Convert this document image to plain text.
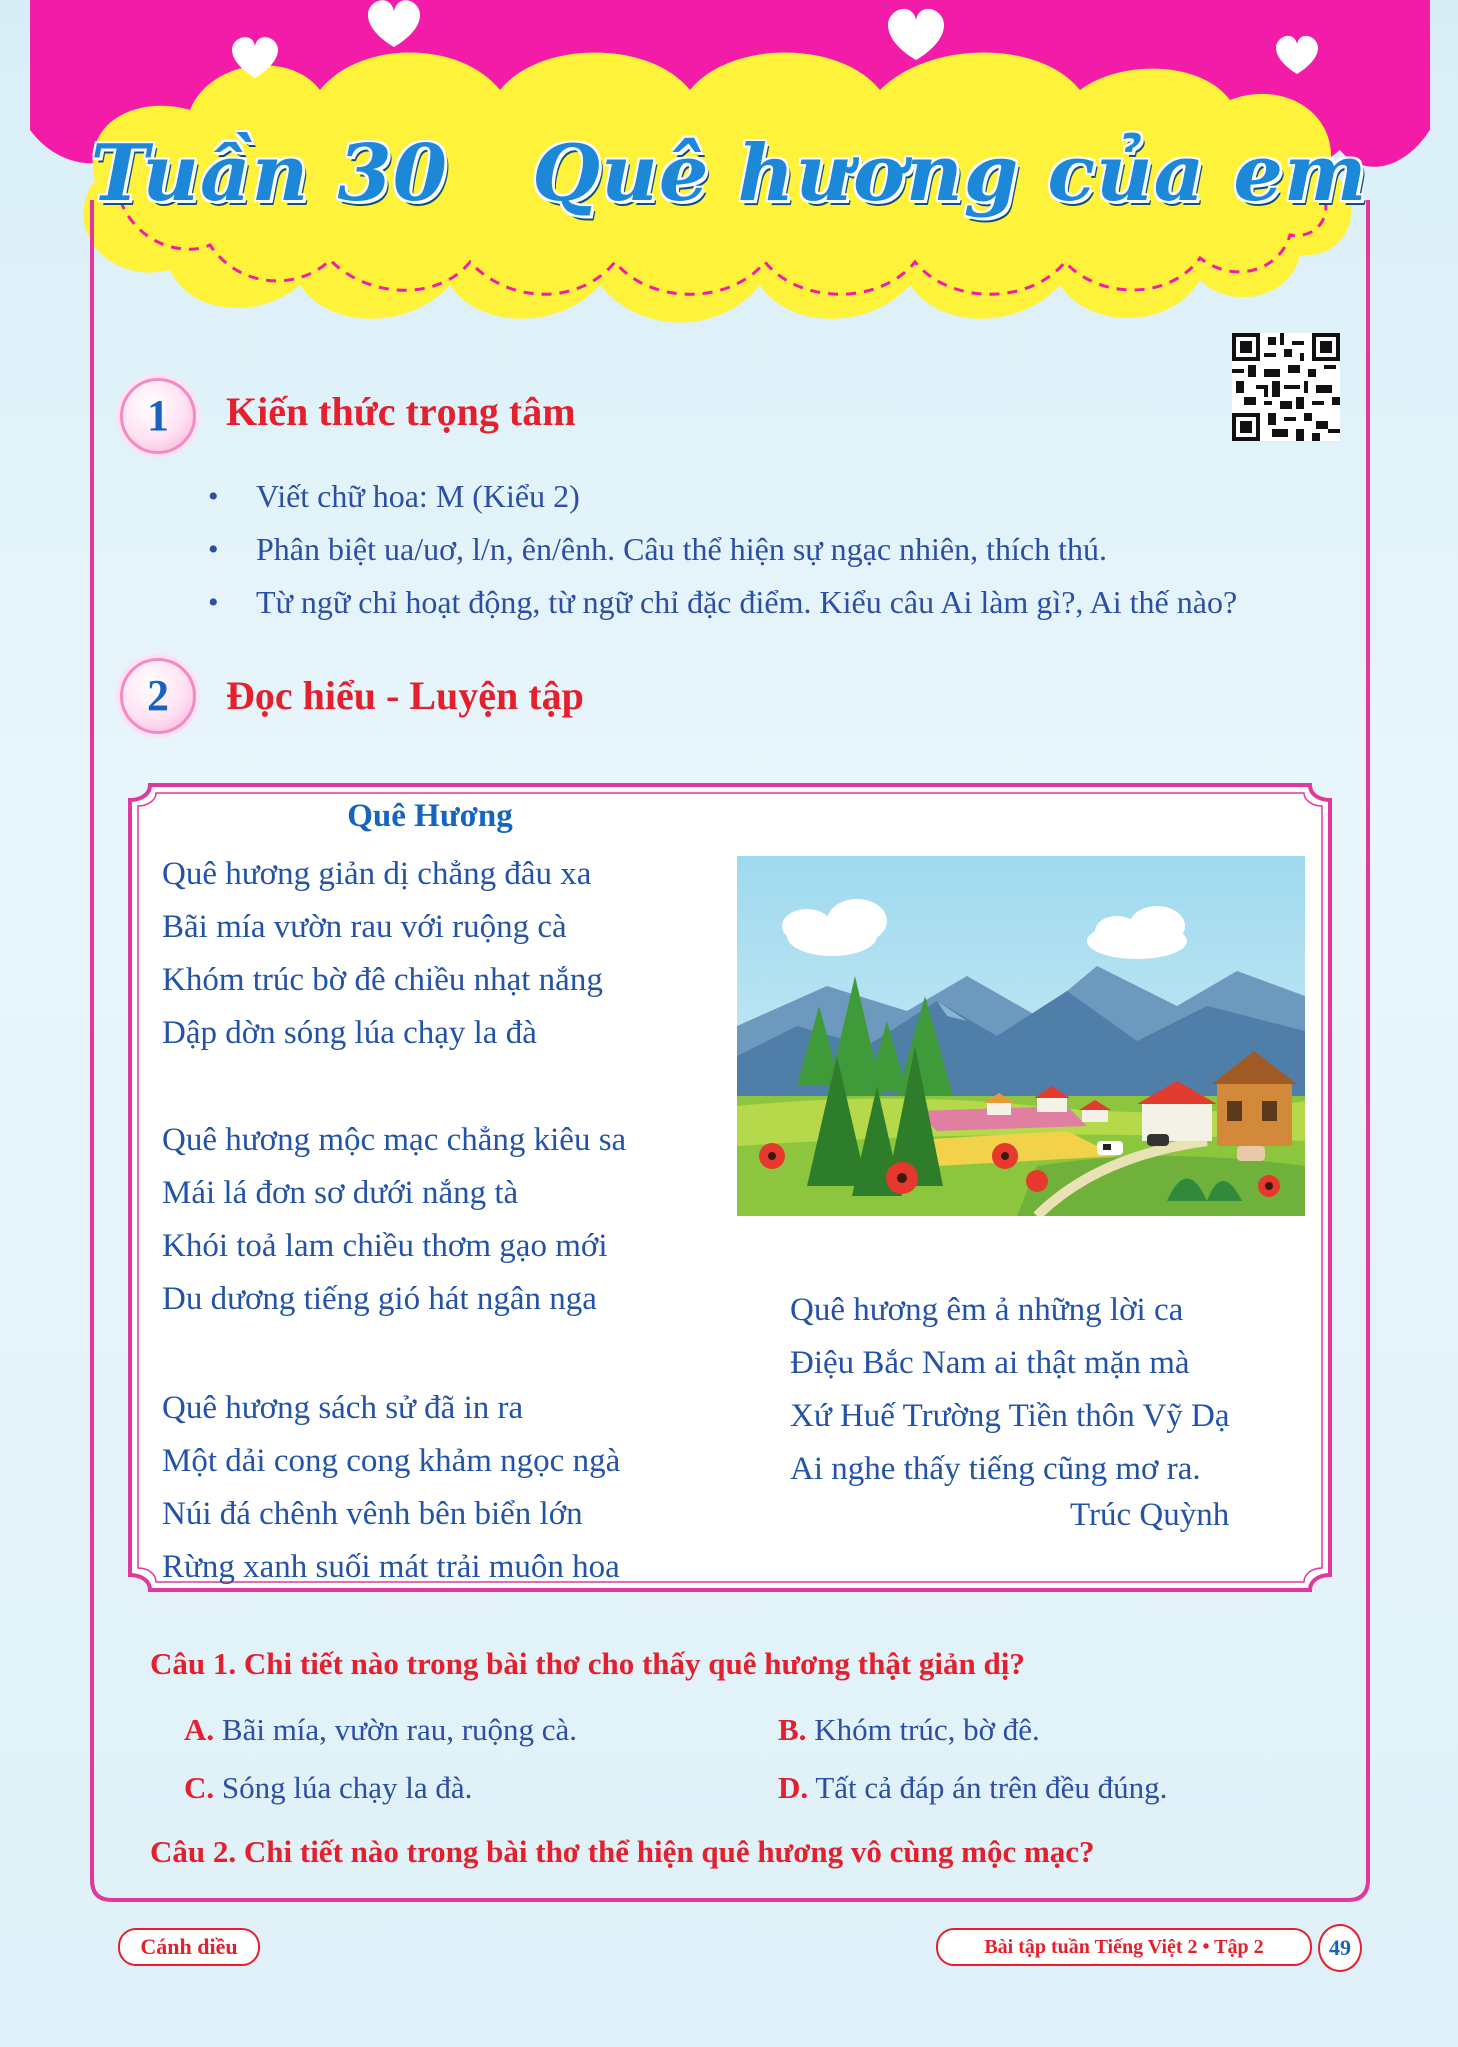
Tuần 30 Quê hương của em
1	Kiến thức trọng tâm
• Viết chữ hoa: M (Kiểu 2)
• Phân biệt ua/uơ, l/n, ên/ênh. Câu thể hiện sự ngạc nhiên, thích thú.
• Từ ngữ chỉ hoạt động, từ ngữ chỉ đặc điểm. Kiểu câu Ai làm gì?, Ai thế nào?
2	Đọc hiểu - Luyện tập
Quê Hương
Quê hương giản dị chẳng đâu xa
Bãi mía vườn rau với ruộng cà
Khóm trúc bờ đê chiều nhạt nắng
Dập dờn sóng lúa chạy la đà
Quê hương mộc mạc chẳng kiêu sa
Mái lá đơn sơ dưới nắng tà
Khói toả lam chiều thơm gạo mới
Du dương tiếng gió hát ngân nga
Quê hương sách sử đã in ra
Một dải cong cong khảm ngọc ngà
Núi đá chênh vênh bên biển lớn
Rừng xanh suối mát trải muôn hoa
Quê hương êm ả những lời ca
Điệu Bắc Nam ai thật mặn mà
Xứ Huế Trường Tiền thôn Vỹ Dạ
Ai nghe thấy tiếng cũng mơ ra.
Trúc Quỳnh
Câu 1. Chi tiết nào trong bài thơ cho thấy quê hương thật giản dị?
A. Bãi mía, vườn rau, ruộng cà.	B. Khóm trúc, bờ đê.
C. Sóng lúa chạy la đà.	D. Tất cả đáp án trên đều đúng.
Câu 2. Chi tiết nào trong bài thơ thể hiện quê hương vô cùng mộc mạc?
Cánh diều	Bài tập tuần Tiếng Việt 2 • Tập 2	49
